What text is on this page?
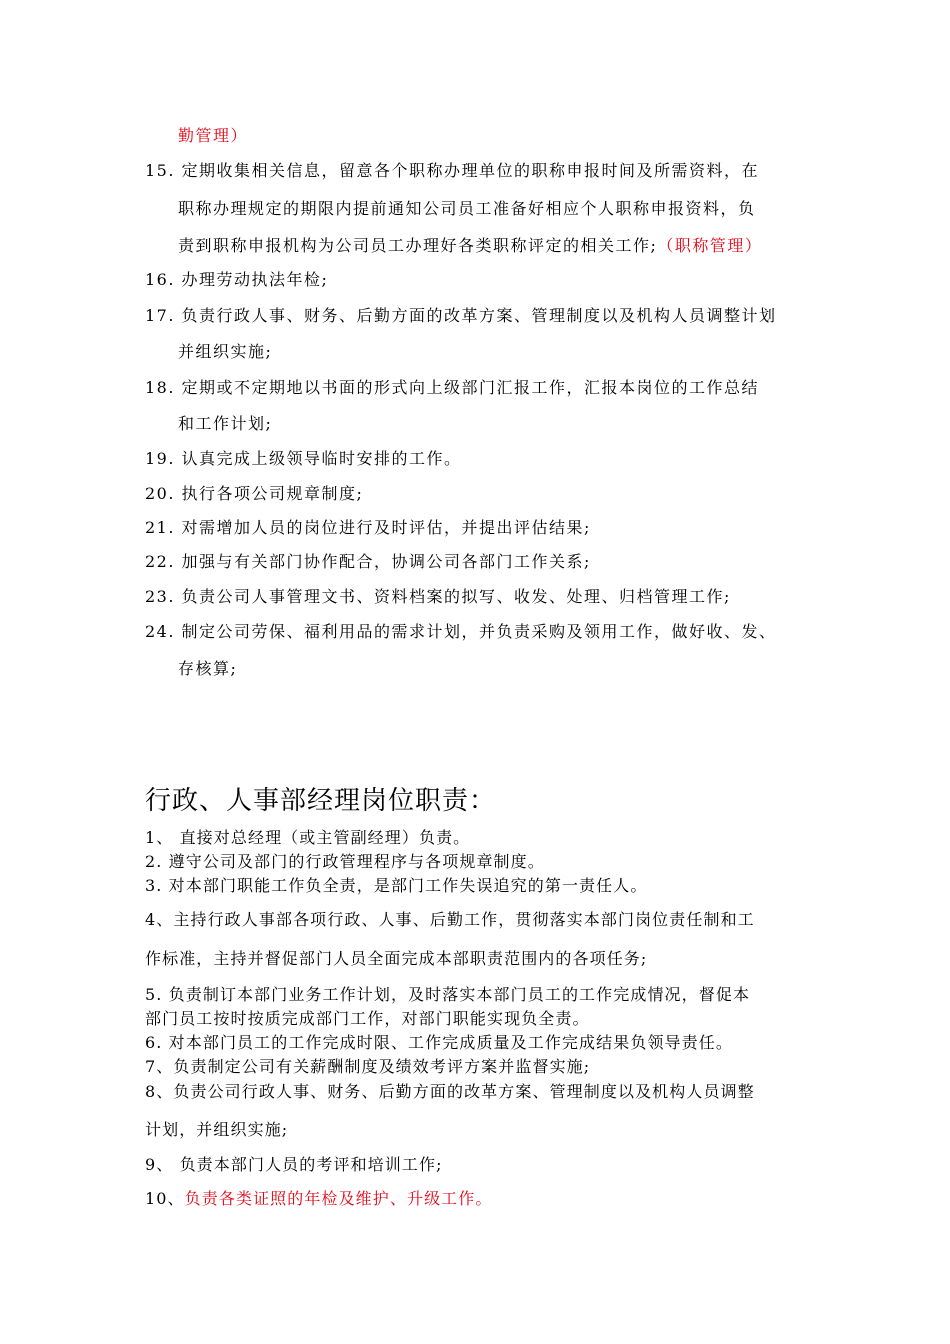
勤管理）
15. 定期收集相关信息，留意各个职称办理单位的职称申报时间及所需资料，在
职称办理规定的期限内提前通知公司员工准备好相应个人职称申报资料，负
责到职称申报机构为公司员工办理好各类职称评定的相关工作;（职称管理）
16. 办理劳动执法年检;
17. 负责行政人事、财务、后勤方面的改革方案、管理制度以及机构人员调整计划
并组织实施;
18. 定期或不定期地以书面的形式向上级部门汇报工作，汇报本岗位的工作总结
和工作计划;
19. 认真完成上级领导临时安排的工作。
20. 执行各项公司规章制度;
21. 对需增加人员的岗位进行及时评估，并提出评估结果;
22. 加强与有关部门协作配合，协调公司各部门工作关系;
23. 负责公司人事管理文书、资料档案的拟写、收发、处理、归档管理工作;
24. 制定公司劳保、福利用品的需求计划，并负责采购及领用工作，做好收、发、
存核算;
行政、人事部经理岗位职责：
1、 直接对总经理（或主管副经理）负责。
2. 遵守公司及部门的行政管理程序与各项规章制度。
3. 对本部门职能工作负全责，是部门工作失误追究的第一责任人。
4、主持行政人事部各项行政、人事、后勤工作，贯彻落实本部门岗位责任制和工
作标准，主持并督促部门人员全面完成本部职责范围内的各项任务;
5. 负责制订本部门业务工作计划，及时落实本部门员工的工作完成情况，督促本
部门员工按时按质完成部门工作，对部门职能实现负全责。
6. 对本部门员工的工作完成时限、工作完成质量及工作完成结果负领导责任。
7、负责制定公司有关薪酬制度及绩效考评方案并监督实施;
8、负责公司行政人事、财务、后勤方面的改革方案、管理制度以及机构人员调整
计划，并组织实施;
9、 负责本部门人员的考评和培训工作;
10、负责各类证照的年检及维护、升级工作。
